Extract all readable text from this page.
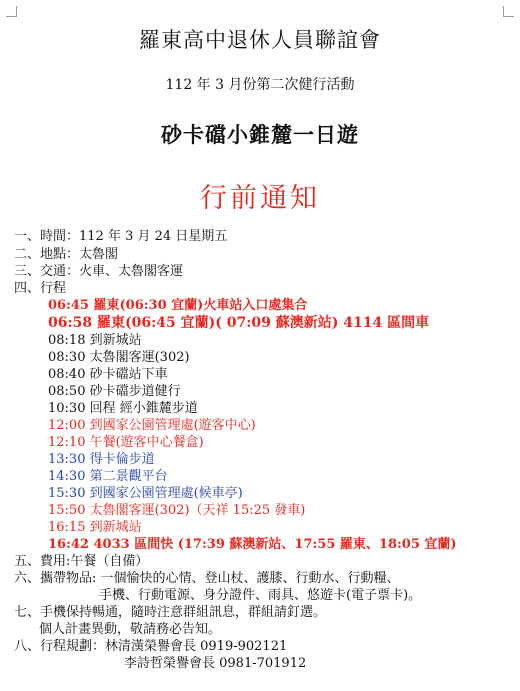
羅東高中退休人員聯誼會
112 年 3 月份第二次健行活動
砂卡礑小錐麓一日遊
行前通知
一、時間：112 年 3 月 24 日星期五
二、地點：太魯閣
三、交通：火車、太魯閣客運
四、行程
06:45 羅東(06:30 宜蘭)火車站入口處集合
06:58 羅東(06:45 宜蘭)( 07:09 蘇澳新站) 4114 區間車
08:18 到新城站
08:30 太魯閣客運(302)
08:40 砂卡礑站下車
08:50 砂卡礑步道健行
10:30 回程 經小錐麓步道
12:00 到國家公園管理處(遊客中心)
12:10 午餐(遊客中心餐盒)
13:30 得卡倫步道
14:30 第二景觀平台
15:30 到國家公園管理處(候車亭)
15:50 太魯閣客運(302)（天祥 15:25 發車)
16:15 到新城站
16:42 4033 區間快 (17:39 蘇澳新站、17:55 羅東、18:05 宜蘭)
五、費用:午餐（自備）
六、攜帶物品: 一個愉快的心情、登山杖、護膝、行動水、行動糧、
手機、行動電源、身分證件、雨具、悠遊卡(電子票卡)。
七、手機保持暢通，隨時注意群組訊息，群組請釘選。
個人計畫異動，敬請務必告知。
八、行程規劃：林清漢榮譽會長 0919-902121
李詩哲榮譽會長 0981-701912
